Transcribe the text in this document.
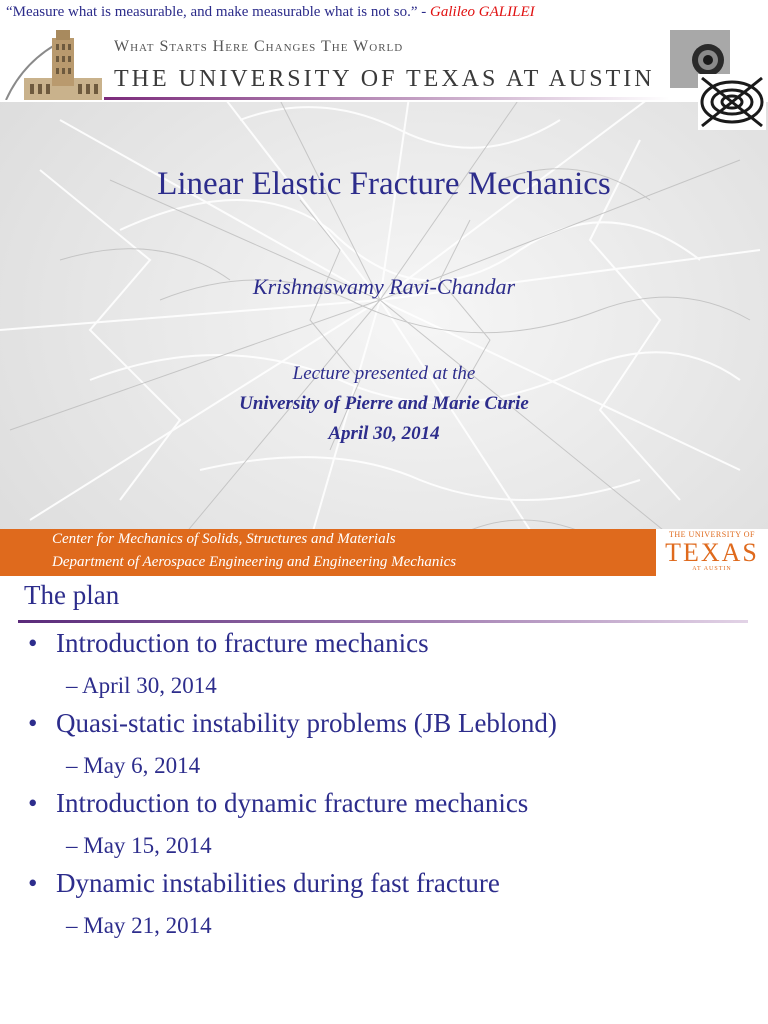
“Measure what is measurable, and make measurable what is not so.” - Galileo GALILEI
What Starts Here Changes The World
THE UNIVERSITY OF TEXAS AT AUSTIN
Linear Elastic Fracture Mechanics
Krishnaswamy Ravi-Chandar
Lecture presented at the
University of Pierre and Marie Curie
April 30, 2014
Center for Mechanics of Solids, Structures and Materials
Department of Aerospace Engineering and Engineering Mechanics
THE UNIVERSITY OF
TEXAS
AT AUSTIN
The plan
• Introduction to fracture mechanics
– April 30, 2014
• Quasi-static instability problems (JB Leblond)
– May 6, 2014
• Introduction to dynamic fracture mechanics
– May 15, 2014
• Dynamic instabilities during fast fracture
– May 21, 2014
